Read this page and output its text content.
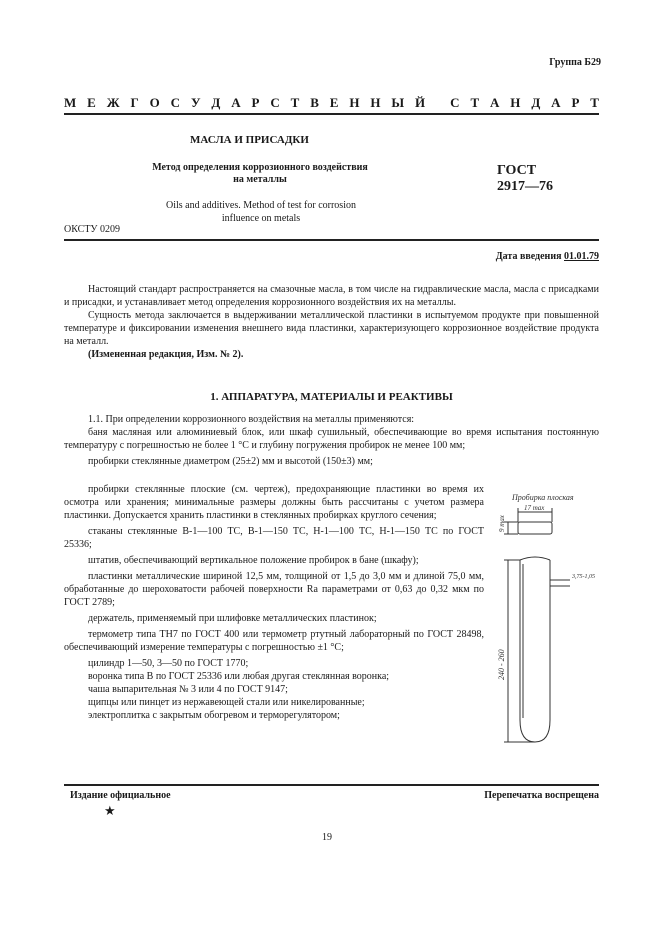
Группа Б29
М Е Ж Г О С У Д А Р С Т В Е Н Н Ы Й
С Т А Н Д А Р Т
МАСЛА И ПРИСАДКИ
Метод определения коррозионного воздействия
на металлы
ГОСТ
2917—76
Oils and additives. Method of test for corrosion
influence on metals
ОКСТУ 0209
Дата введения 01.01.79

Настоящий стандарт распространяется на смазочные масла, в том числе на гидравлические масла, масла с присадками и присадки, и устанавливает метод определения коррозионного воздействия их на металлы.

Сущность метода заключается в выдерживании металлической пластинки в испытуемом продукте при повышенной температуре и фиксировании изменения внешнего вида пластинки, характеризующего коррозионное воздействие продукта на металл.

(Измененная редакция, Изм. № 2).

1. АППАРАТУРА, МАТЕРИАЛЫ И РЕАКТИВЫ

1.1. При определении коррозионного воздействия на металлы применяются:

баня масляная или алюминиевый блок, или шкаф сушильный, обеспечивающие во время испытания постоянную температуру с погрешностью не более 1 °С и глубину погружения пробирок не менее 100 мм;

пробирки стеклянные диаметром (25±2) мм и высотой (150±3) мм;

пробирки стеклянные плоские (см. чертеж), предохраняющие пластинки во время их осмотра или хранения; минимальные размеры должны быть рассчитаны с учетом размера пластинки. Допускается хранить пластинки в стеклянных пробирках круглого сечения;

стаканы стеклянные В-1—100 ТС, В-1—150 ТС, Н-1—100 ТС, Н-1—150 ТС по ГОСТ 25336;

штатив, обеспечивающий вертикальное положение пробирок в бане (шкафу);

пластинки металлические шириной 12,5 мм, толщиной от 1,5 до 3,0 мм и длиной 75,0 мм, обработанные до шероховатости рабочей поверхности Ra параметрами от 0,63 до 0,32 мкм по ГОСТ 2789;

держатель, применяемый при шлифовке металлических пластинок;

термометр типа ТН7 по ГОСТ 400 или термометр ртутный лабораторный по ГОСТ 28498, обеспечивающий измерение температуры с погрешностью ±1 °С;

цилиндр 1—50, 3—50 по ГОСТ 1770;

воронка типа В по ГОСТ 25336 или любая другая стеклянная воронка;

чаша выпарительная № 3 или 4 по ГОСТ 9147;

щипцы или пинцет из нержавеющей стали или никелированные;

электроплитка с закрытым обогревом и терморегулятором;

Пробирка плоская
17 max
9 max
3,75-1,05
240 - 260
Издание официальное	Перепечатка воспрещена
★
19
